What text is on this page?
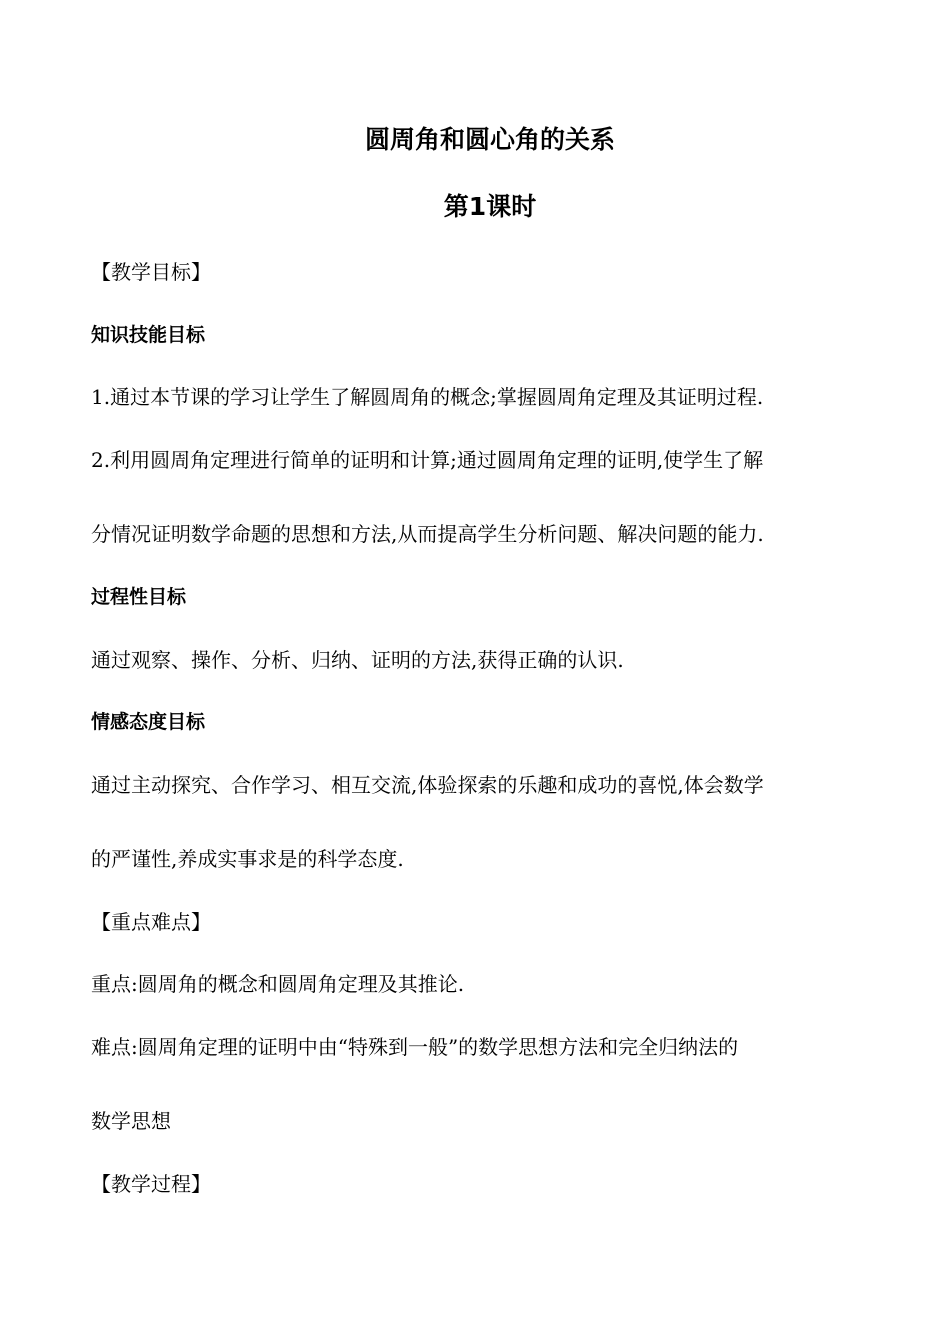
圆周角和圆心角的关系
第1课时
【教学目标】
知识技能目标
1.通过本节课的学习让学生了解圆周角的概念;掌握圆周角定理及其证明过程.
2.利用圆周角定理进行简单的证明和计算;通过圆周角定理的证明,使学生了解
分情况证明数学命题的思想和方法,从而提高学生分析问题、解决问题的能力.
过程性目标
通过观察、操作、分析、归纳、证明的方法,获得正确的认识.
情感态度目标
通过主动探究、合作学习、相互交流,体验探索的乐趣和成功的喜悦,体会数学
的严谨性,养成实事求是的科学态度.
【重点难点】
重点:圆周角的概念和圆周角定理及其推论.
难点:圆周角定理的证明中由“特殊到一般”的数学思想方法和完全归纳法的
数学思想
【教学过程】
